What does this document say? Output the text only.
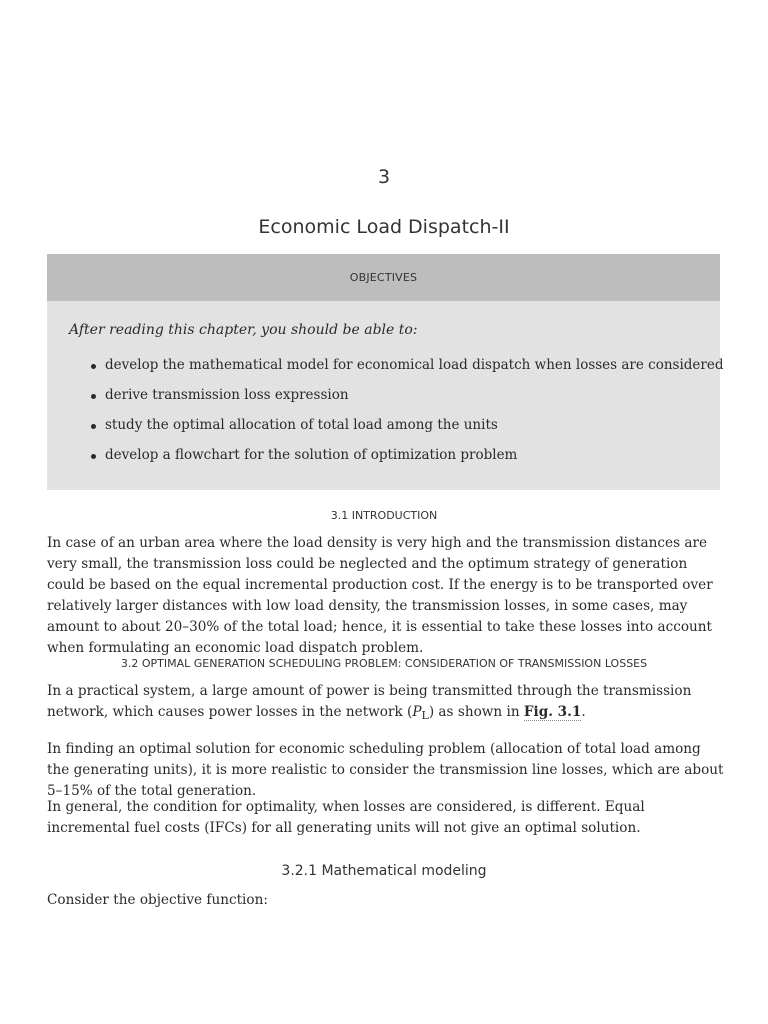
3
Economic Load Dispatch-II
OBJECTIVES
After reading this chapter, you should be able to:
develop the mathematical model for economical load dispatch when losses are considered
derive transmission loss expression
study the optimal allocation of total load among the units
develop a flowchart for the solution of optimization problem
3.1 INTRODUCTION

In case of an urban area where the load density is very high and the transmission distances are very small, the transmission loss could be neglected and the optimum strategy of generation could be based on the equal incremental production cost. If the energy is to be transported over relatively larger distances with low load density, the transmission losses, in some cases, may amount to about 20–30% of the total load; hence, it is essential to take these losses into account when formulating an economic load dispatch problem.

3.2 OPTIMAL GENERATION SCHEDULING PROBLEM: CONSIDERATION OF TRANSMISSION LOSSES

In a practical system, a large amount of power is being transmitted through the transmission network, which causes power losses in the network $(P_L)$ as shown in Fig. 3.1.

In finding an optimal solution for economic scheduling problem (allocation of total load among the generating units), it is more realistic to consider the transmission line losses, which are about 5–15% of the total generation.

In general, the condition for optimality, when losses are considered, is different. Equal incremental fuel costs (IFCs) for all generating units will not give an optimal solution.

3.2.1 Mathematical modeling

Consider the objective function:
